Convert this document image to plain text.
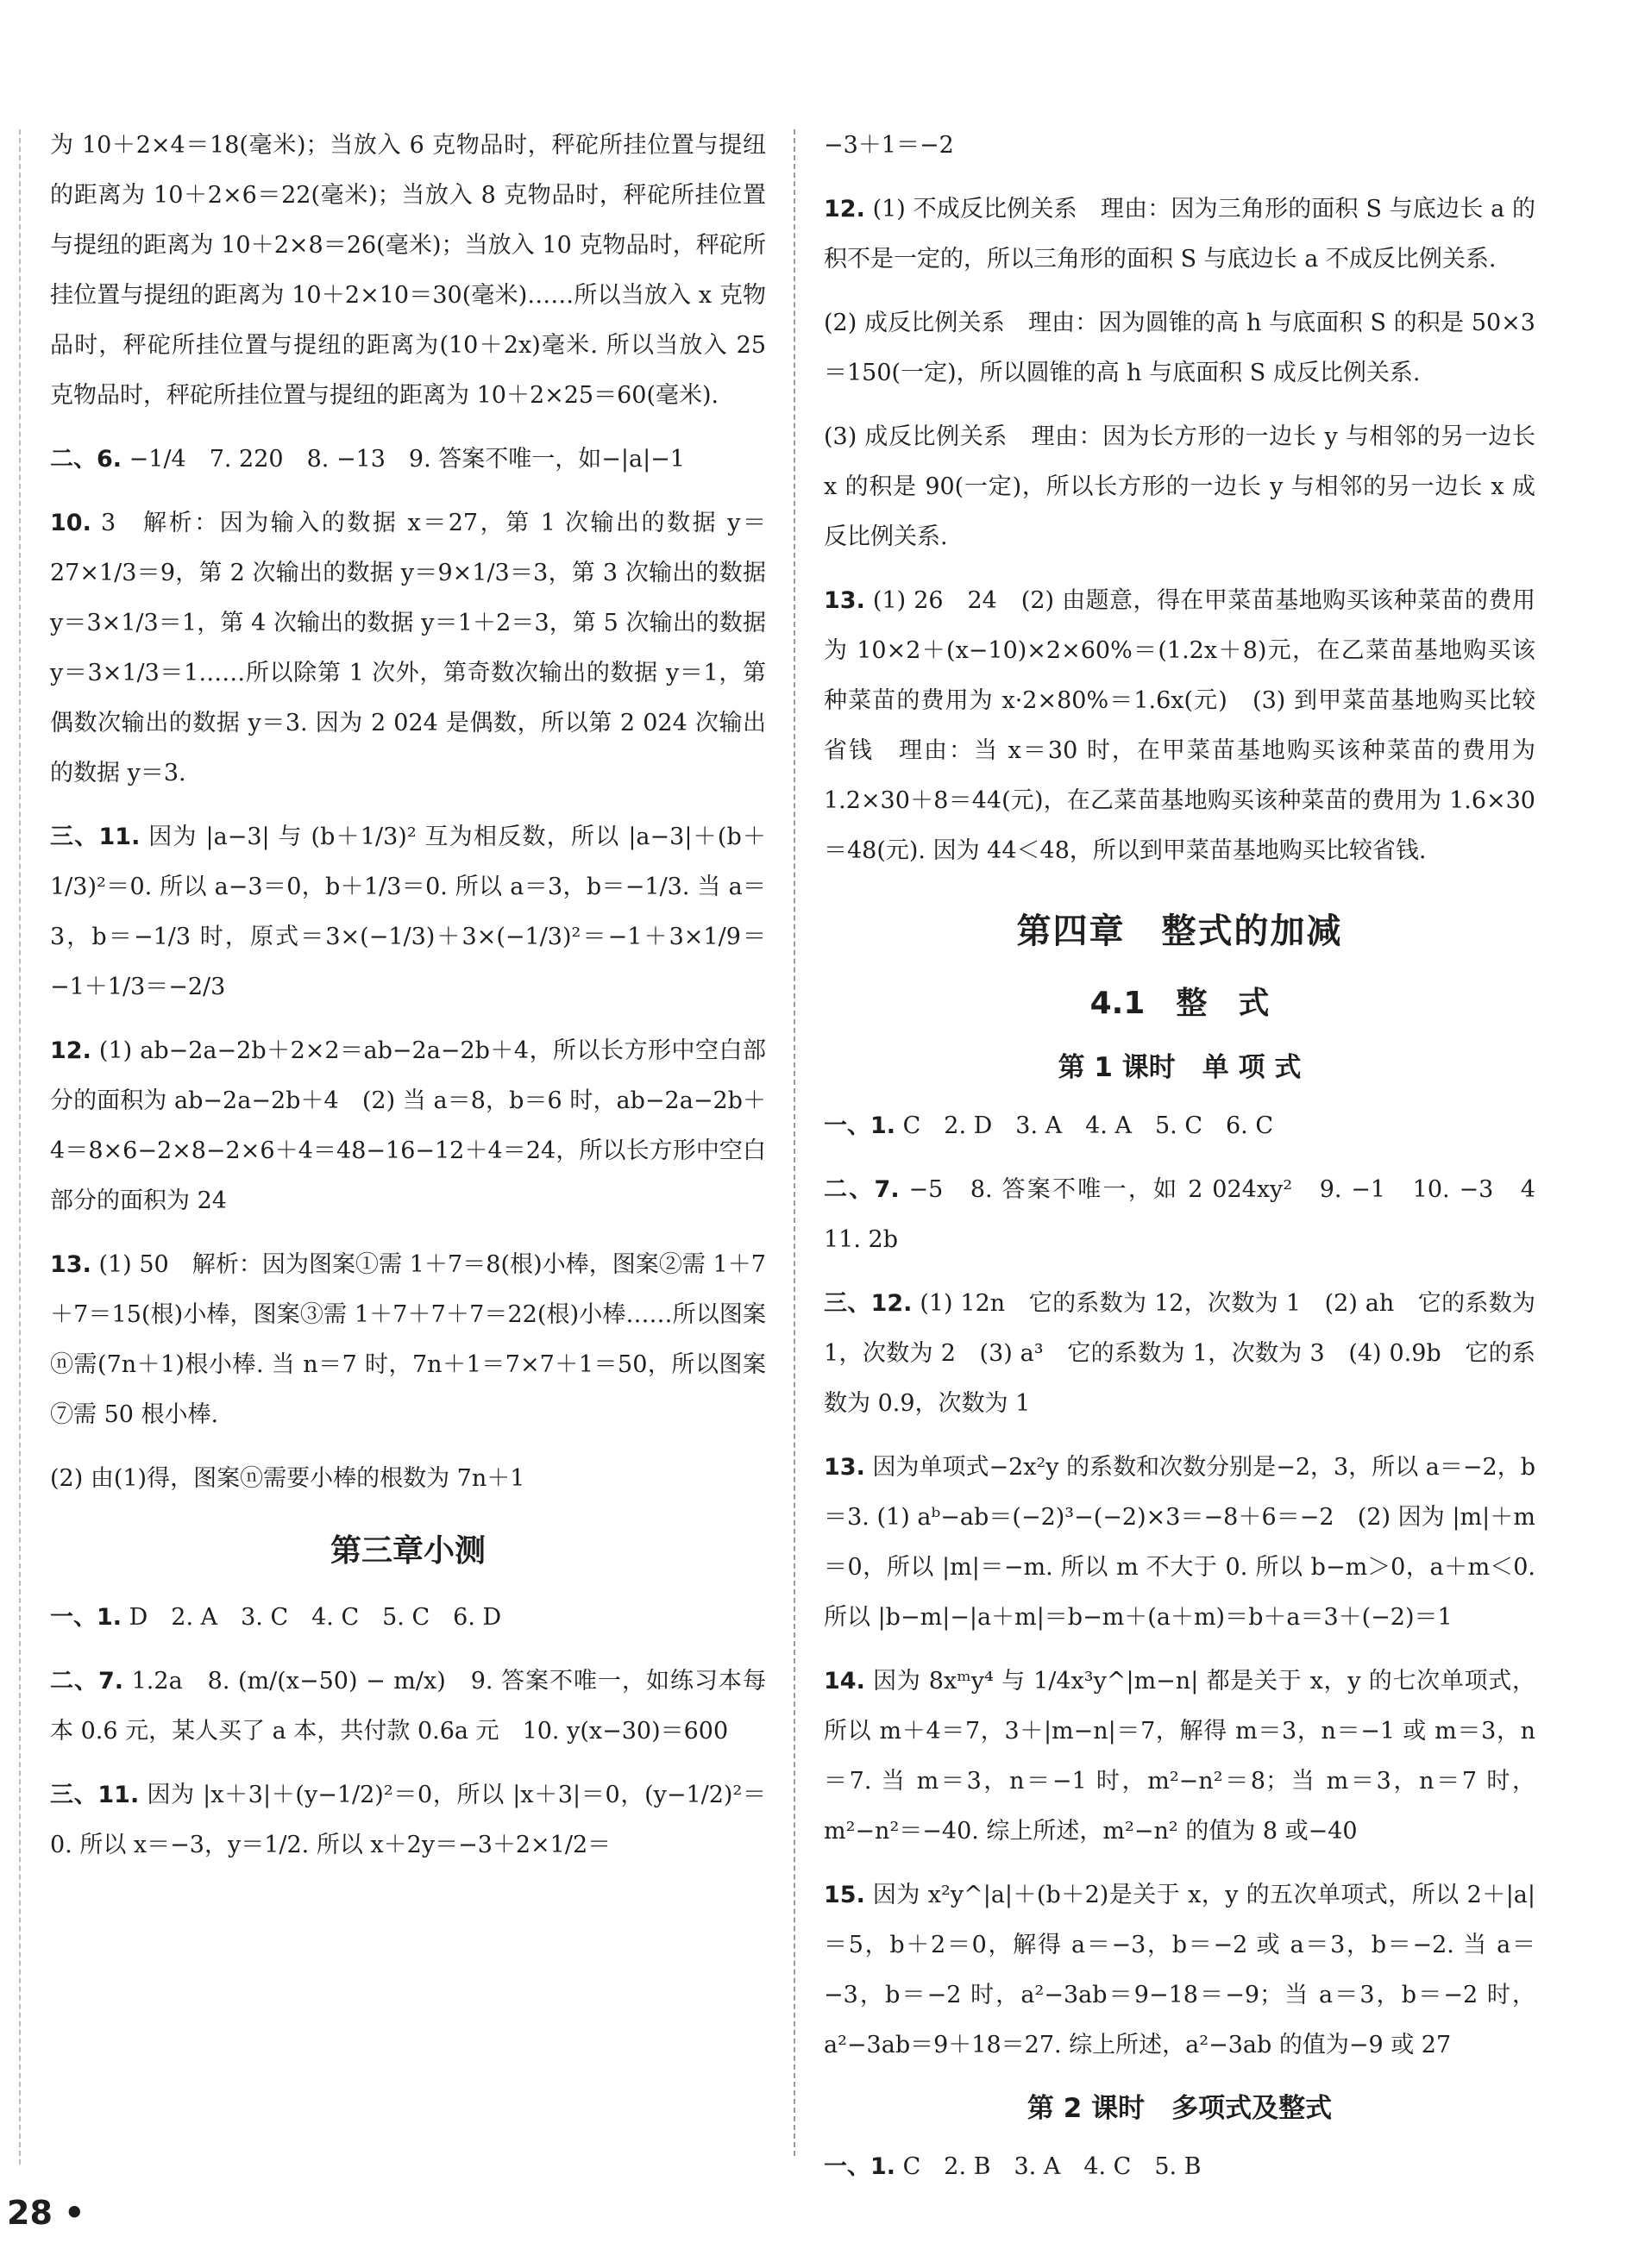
为 10＋2×4＝18(毫米)；当放入 6 克物品时，秤砣所挂位置与提纽的距离为 10＋2×6＝22(毫米)；当放入 8 克物品时，秤砣所挂位置与提纽的距离为 10＋2×8＝26(毫米)；当放入 10 克物品时，秤砣所挂位置与提纽的距离为 10＋2×10＝30(毫米)……所以当放入 x 克物品时，秤砣所挂位置与提纽的距离为(10＋2x)毫米. 所以当放入 25 克物品时，秤砣所挂位置与提纽的距离为 10＋2×25＝60(毫米).

二、6. −1/4　7. 220　8. −13　9. 答案不唯一，如−|a|−1

10. 3　解析：因为输入的数据 x＝27，第 1 次输出的数据 y＝27×1/3＝9，第 2 次输出的数据 y＝9×1/3＝3，第 3 次输出的数据 y＝3×1/3＝1，第 4 次输出的数据 y＝1＋2＝3，第 5 次输出的数据 y＝3×1/3＝1……所以除第 1 次外，第奇数次输出的数据 y＝1，第偶数次输出的数据 y＝3. 因为 2 024 是偶数，所以第 2 024 次输出的数据 y＝3.

三、11. 因为 |a−3| 与 (b＋1/3)² 互为相反数，所以 |a−3|＋(b＋1/3)²＝0. 所以 a−3＝0，b＋1/3＝0. 所以 a＝3，b＝−1/3. 当 a＝3，b＝−1/3 时，原式＝3×(−1/3)＋3×(−1/3)²＝−1＋3×1/9＝−1＋1/3＝−2/3

12. (1) ab−2a−2b＋2×2＝ab−2a−2b＋4，所以长方形中空白部分的面积为 ab−2a−2b＋4　(2) 当 a＝8，b＝6 时，ab−2a−2b＋4＝8×6−2×8−2×6＋4＝48−16−12＋4＝24，所以长方形中空白部分的面积为 24

13. (1) 50　解析：因为图案①需 1＋7＝8(根)小棒，图案②需 1＋7＋7＝15(根)小棒，图案③需 1＋7＋7＋7＝22(根)小棒……所以图案ⓝ需(7n＋1)根小棒. 当 n＝7 时，7n＋1＝7×7＋1＝50，所以图案⑦需 50 根小棒.

(2) 由(1)得，图案ⓝ需要小棒的根数为 7n＋1

第三章小测

一、1. D　2. A　3. C　4. C　5. C　6. D

二、7. 1.2a　8. (m/(x−50) − m/x)　9. 答案不唯一，如练习本每本 0.6 元，某人买了 a 本，共付款 0.6a 元　10. y(x−30)＝600

三、11. 因为 |x＋3|＋(y−1/2)²＝0，所以 |x＋3|＝0，(y−1/2)²＝0. 所以 x＝−3，y＝1/2. 所以 x＋2y＝−3＋2×1/2＝

−3＋1＝−2

12. (1) 不成反比例关系　理由：因为三角形的面积 S 与底边长 a 的积不是一定的，所以三角形的面积 S 与底边长 a 不成反比例关系.

(2) 成反比例关系　理由：因为圆锥的高 h 与底面积 S 的积是 50×3＝150(一定)，所以圆锥的高 h 与底面积 S 成反比例关系.

(3) 成反比例关系　理由：因为长方形的一边长 y 与相邻的另一边长 x 的积是 90(一定)，所以长方形的一边长 y 与相邻的另一边长 x 成反比例关系.

13. (1) 26　24　(2) 由题意，得在甲菜苗基地购买该种菜苗的费用为 10×2＋(x−10)×2×60%＝(1.2x＋8)元，在乙菜苗基地购买该种菜苗的费用为 x·2×80%＝1.6x(元)　(3) 到甲菜苗基地购买比较省钱　理由：当 x＝30 时，在甲菜苗基地购买该种菜苗的费用为 1.2×30＋8＝44(元)，在乙菜苗基地购买该种菜苗的费用为 1.6×30＝48(元). 因为 44＜48，所以到甲菜苗基地购买比较省钱.

第四章　整式的加减
4.1　整　式
第 1 课时　单 项 式

一、1. C　2. D　3. A　4. A　5. C　6. C

二、7. −5　8. 答案不唯一，如 2 024xy²　9. −1　10. −3　4　11. 2b

三、12. (1) 12n　它的系数为 12，次数为 1　(2) ah　它的系数为 1，次数为 2　(3) a³　它的系数为 1，次数为 3　(4) 0.9b　它的系数为 0.9，次数为 1

13. 因为单项式−2x²y 的系数和次数分别是−2，3，所以 a＝−2，b＝3. (1) aᵇ−ab＝(−2)³−(−2)×3＝−8＋6＝−2　(2) 因为 |m|＋m＝0，所以 |m|＝−m. 所以 m 不大于 0. 所以 b−m＞0，a＋m＜0. 所以 |b−m|−|a＋m|＝b−m＋(a＋m)＝b＋a＝3＋(−2)＝1

14. 因为 8xᵐy⁴ 与 1/4x³y^|m−n| 都是关于 x，y 的七次单项式，所以 m＋4＝7，3＋|m−n|＝7，解得 m＝3，n＝−1 或 m＝3，n＝7. 当 m＝3，n＝−1 时，m²−n²＝8；当 m＝3，n＝7 时，m²−n²＝−40. 综上所述，m²−n² 的值为 8 或−40

15. 因为 x²y^|a|＋(b＋2)是关于 x，y 的五次单项式，所以 2＋|a|＝5，b＋2＝0，解得 a＝−3，b＝−2 或 a＝3，b＝−2. 当 a＝−3，b＝−2 时，a²−3ab＝9−18＝−9；当 a＝3，b＝−2 时，a²−3ab＝9＋18＝27. 综上所述，a²−3ab 的值为−9 或 27

第 2 课时　多项式及整式

一、1. C　2. B　3. A　4. C　5. B

28 •
